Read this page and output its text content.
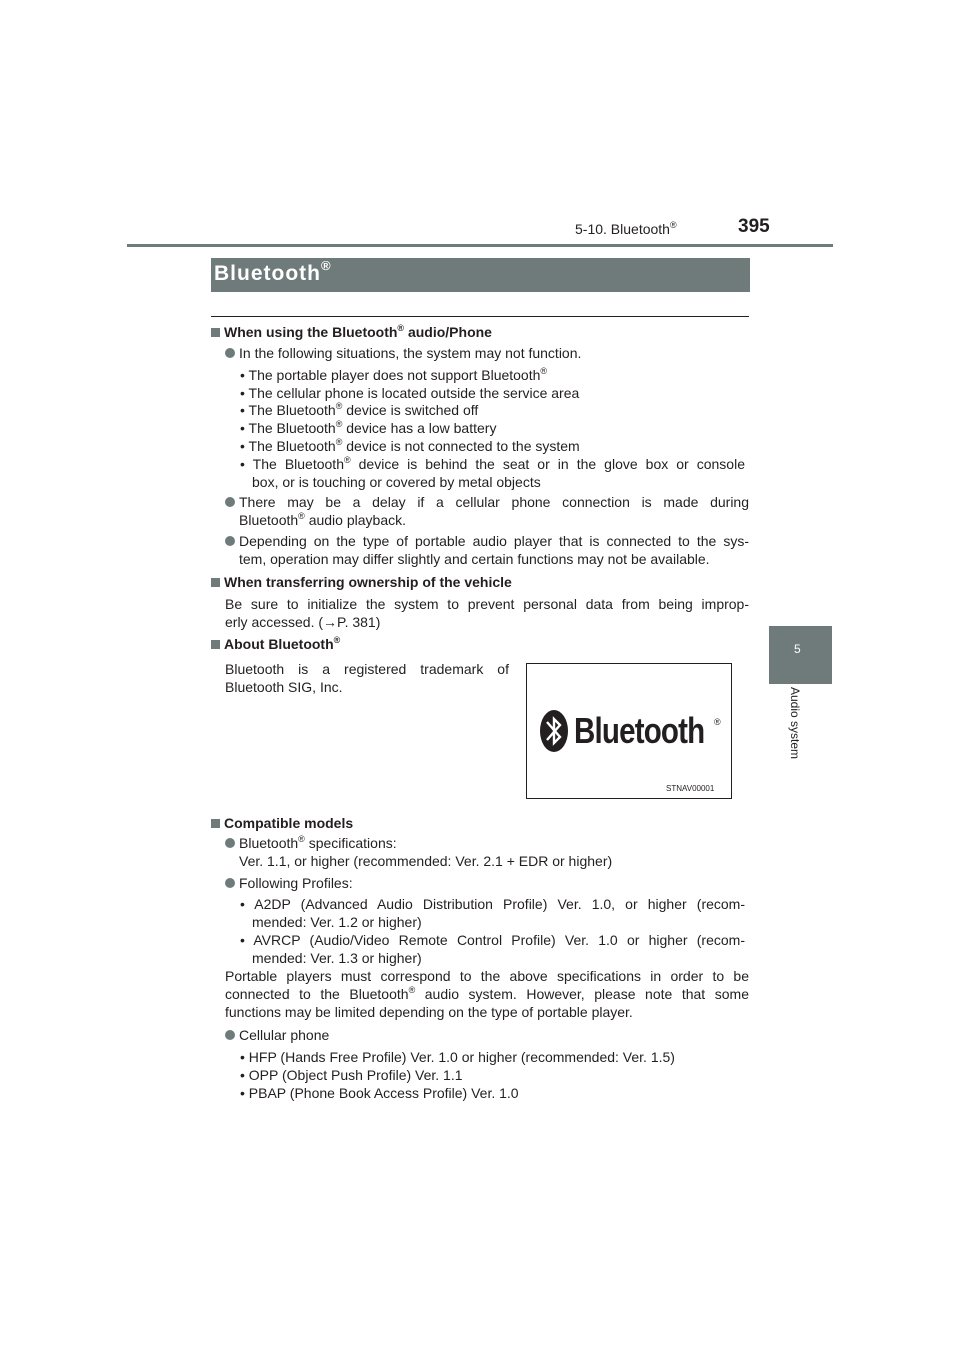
5-10. Bluetooth®	395
5
Audio system
Bluetooth®
When using the Bluetooth® audio/Phone
In the following situations, the system may not function.
• The portable player does not support Bluetooth®
• The cellular phone is located outside the service area
• The Bluetooth® device is switched off
• The Bluetooth® device has a low battery
• The Bluetooth® device is not connected to the system
• The Bluetooth® device is behind the seat or in the glove box or console
box, or is touching or covered by metal objects
There may be a delay if a cellular phone connection is made during
Bluetooth® audio playback.
Depending on the type of portable audio player that is connected to the sys-
tem, operation may differ slightly and certain functions may not be available.
When transferring ownership of the vehicle
Be sure to initialize the system to prevent personal data from being improp-
erly accessed. (→P. 381)
About Bluetooth®
Bluetooth is a registered trademark of
Bluetooth SIG, Inc.
Bluetooth ®
STNAV00001
Compatible models
Bluetooth® specifications:
Ver. 1.1, or higher (recommended: Ver. 2.1 + EDR or higher)
Following Profiles:
• A2DP (Advanced Audio Distribution Profile) Ver. 1.0, or higher (recom-
mended: Ver. 1.2 or higher)
• AVRCP (Audio/Video Remote Control Profile) Ver. 1.0 or higher (recom-
mended: Ver. 1.3 or higher)
Portable players must correspond to the above specifications in order to be
connected to the Bluetooth® audio system. However, please note that some
functions may be limited depending on the type of portable player.
Cellular phone
• HFP (Hands Free Profile) Ver. 1.0 or higher (recommended: Ver. 1.5)
• OPP (Object Push Profile) Ver. 1.1
• PBAP (Phone Book Access Profile) Ver. 1.0
